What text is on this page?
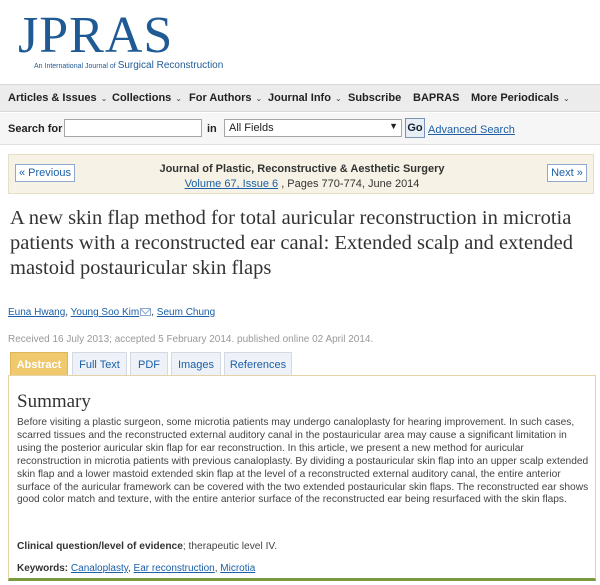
JPRAS
An International Journal of Surgical Reconstruction
Articles & Issues ⌄ Collections ⌄ For Authors ⌄ Journal Info ⌄ Subscribe BAPRAS More Periodicals ⌄
Search for	in	All Fields	▼ Go Advanced Search
Journal of Plastic, Reconstructive & Aesthetic Surgery
Volume 67, Issue 6 , Pages 770-774, June 2014
« Previous	Next »
A new skin flap method for total auricular reconstruction in microtia patients with a reconstructed ear canal: Extended scalp and extended mastoid postauricular skin flaps
Euna Hwang, Young Soo Kim , Seum Chung
Received 16 July 2013; accepted 5 February 2014. published online 02 April 2014.
Abstract	Full Text	PDF	Images	References
Summary
Before visiting a plastic surgeon, some microtia patients may undergo canaloplasty for hearing improvement. In such cases, scarred tissues and the reconstructed external auditory canal in the postauricular area may cause a significant limitation in using the posterior auricular skin flap for ear reconstruction. In this article, we present a new method for auricular reconstruction in microtia patients with previous canaloplasty. By dividing a postauricular skin flap into an upper scalp extended skin flap and a lower mastoid extended skin flap at the level of a reconstructed external auditory canal, the entire anterior surface of the auricular framework can be covered with the two extended postauricular skin flaps. The reconstructed ear shows good color match and texture, with the entire anterior surface of the reconstructed ear being resurfaced with the skin flaps.
Clinical question/level of evidence; therapeutic level IV.
Keywords: Canaloplasty, Ear reconstruction, Microtia
